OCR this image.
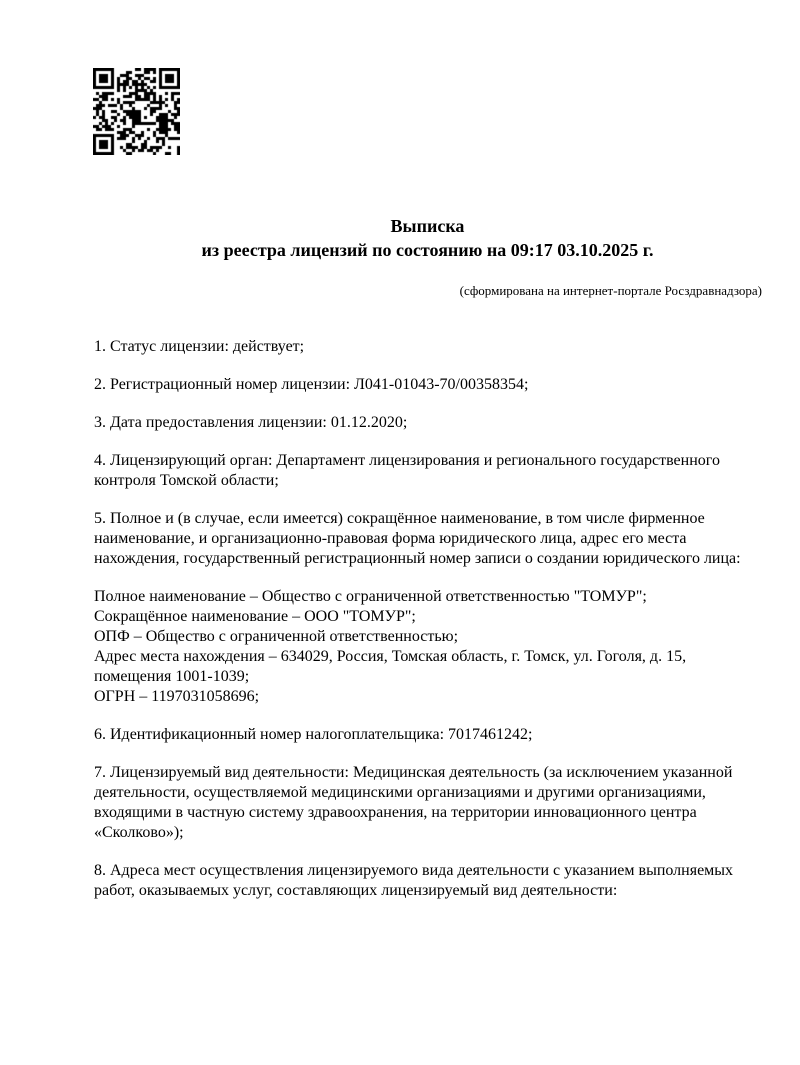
Выписка
из реестра лицензий по состоянию на 09:17 03.10.2025 г.
(сформирована на интернет-портале Росздравнадзора)

1. Статус лицензии: действует;

2. Регистрационный номер лицензии: Л041-01043-70/00358354;

3. Дата предоставления лицензии: 01.12.2020;

4. Лицензирующий орган: Департамент лицензирования и регионального государственного
контроля Томской области;

5. Полное и (в случае, если имеется) сокращённое наименование, в том числе фирменное
наименование, и организационно-правовая форма юридического лица, адрес его места
нахождения, государственный регистрационный номер записи о создании юридического лица:

Полное наименование – Общество с ограниченной ответственностью "ТОМУР";
Сокращённое наименование – ООО "ТОМУР";
ОПФ – Общество с ограниченной ответственностью;
Адрес места нахождения – 634029, Россия, Томская область, г. Томск, ул. Гоголя, д. 15,
помещения 1001-1039;
ОГРН – 1197031058696;

6. Идентификационный номер налогоплательщика: 7017461242;

7. Лицензируемый вид деятельности: Медицинская деятельность (за исключением указанной
деятельности, осуществляемой медицинскими организациями и другими организациями,
входящими в частную систему здравоохранения, на территории инновационного центра
«Сколково»);

8. Адреса мест осуществления лицензируемого вида деятельности с указанием выполняемых
работ, оказываемых услуг, составляющих лицензируемый вид деятельности:
